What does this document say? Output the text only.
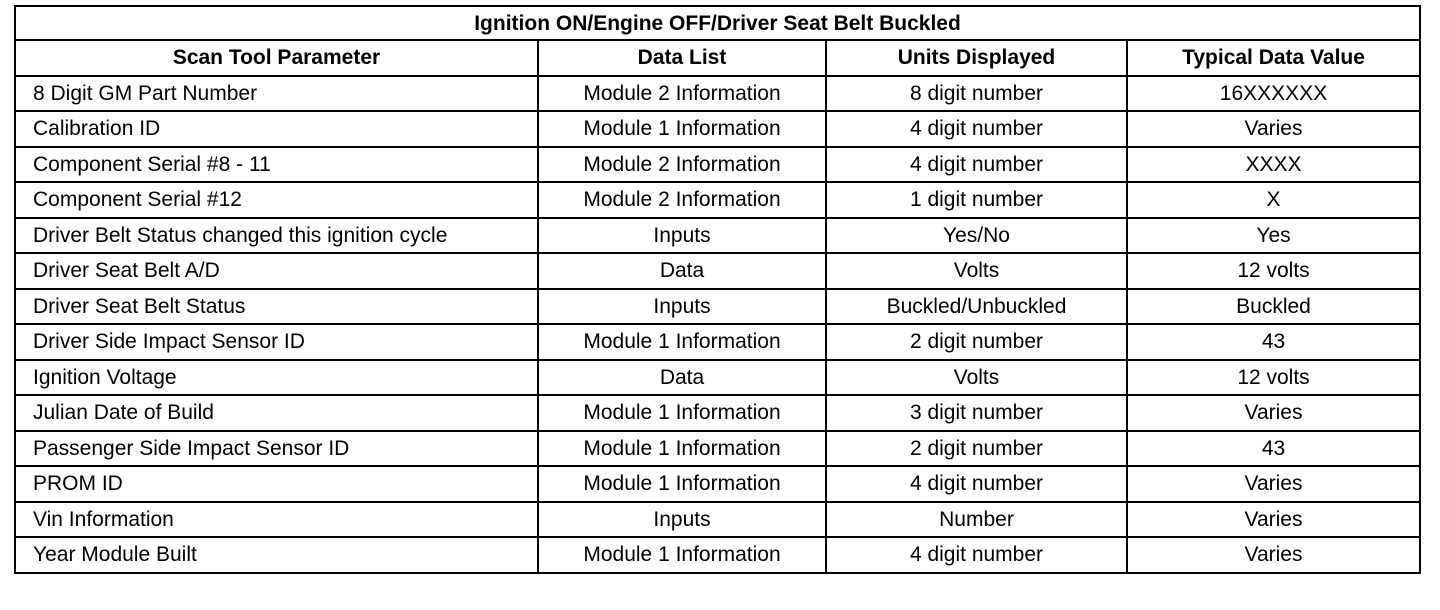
Ignition ON/Engine OFF/Driver Seat Belt Buckled			
Scan Tool Parameter	Data List	Units Displayed	Typical Data Value
8 Digit GM Part Number	Module 2 Information	8 digit number	16XXXXXX
Calibration ID	Module 1 Information	4 digit number	Varies
Component Serial #8 - 11	Module 2 Information	4 digit number	XXXX
Component Serial #12	Module 2 Information	1 digit number	X
Driver Belt Status changed this ignition cycle	Inputs	Yes/No	Yes
Driver Seat Belt A/D	Data	Volts	12 volts
Driver Seat Belt Status	Inputs	Buckled/Unbuckled	Buckled
Driver Side Impact Sensor ID	Module 1 Information	2 digit number	43
Ignition Voltage	Data	Volts	12 volts
Julian Date of Build	Module 1 Information	3 digit number	Varies
Passenger Side Impact Sensor ID	Module 1 Information	2 digit number	43
PROM ID	Module 1 Information	4 digit number	Varies
Vin Information	Inputs	Number	Varies
Year Module Built	Module 1 Information	4 digit number	Varies
